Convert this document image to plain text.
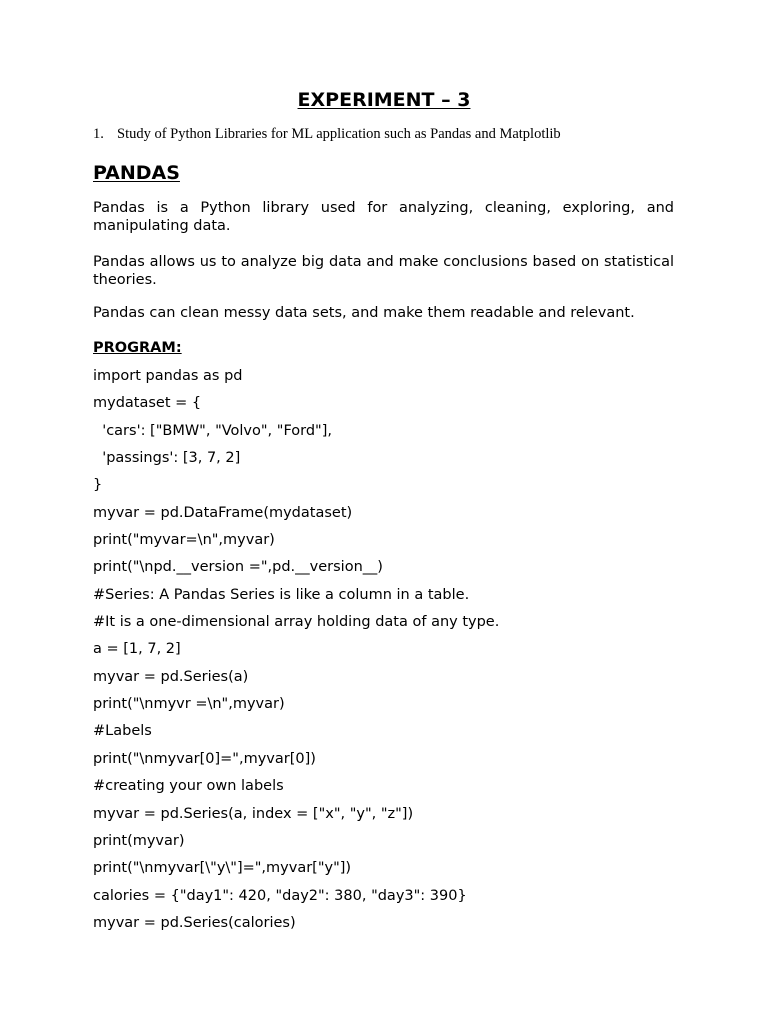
EXPERIMENT – 3
1. Study of Python Libraries for ML application such as Pandas and Matplotlib
PANDAS

Pandas is a Python library used for analyzing, cleaning, exploring, and manipulating data.

Pandas allows us to analyze big data and make conclusions based on statistical theories.

Pandas can clean messy data sets, and make them readable and relevant.

PROGRAM:
import pandas as pd
mydataset = {
'cars': ["BMW", "Volvo", "Ford"],
'passings': [3, 7, 2]
}
myvar = pd.DataFrame(mydataset)
print("myvar=\n",myvar)
print("\npd.__version =",pd.__version__)
#Series: A Pandas Series is like a column in a table.
#It is a one-dimensional array holding data of any type.
a = [1, 7, 2]
myvar = pd.Series(a)
print("\nmyvr =\n",myvar)
#Labels
print("\nmyvar[0]=",myvar[0])
#creating your own labels
myvar = pd.Series(a, index = ["x", "y", "z"])
print(myvar)
print("\nmyvar[\"y\"]=",myvar["y"])
calories = {"day1": 420, "day2": 380, "day3": 390}
myvar = pd.Series(calories)
